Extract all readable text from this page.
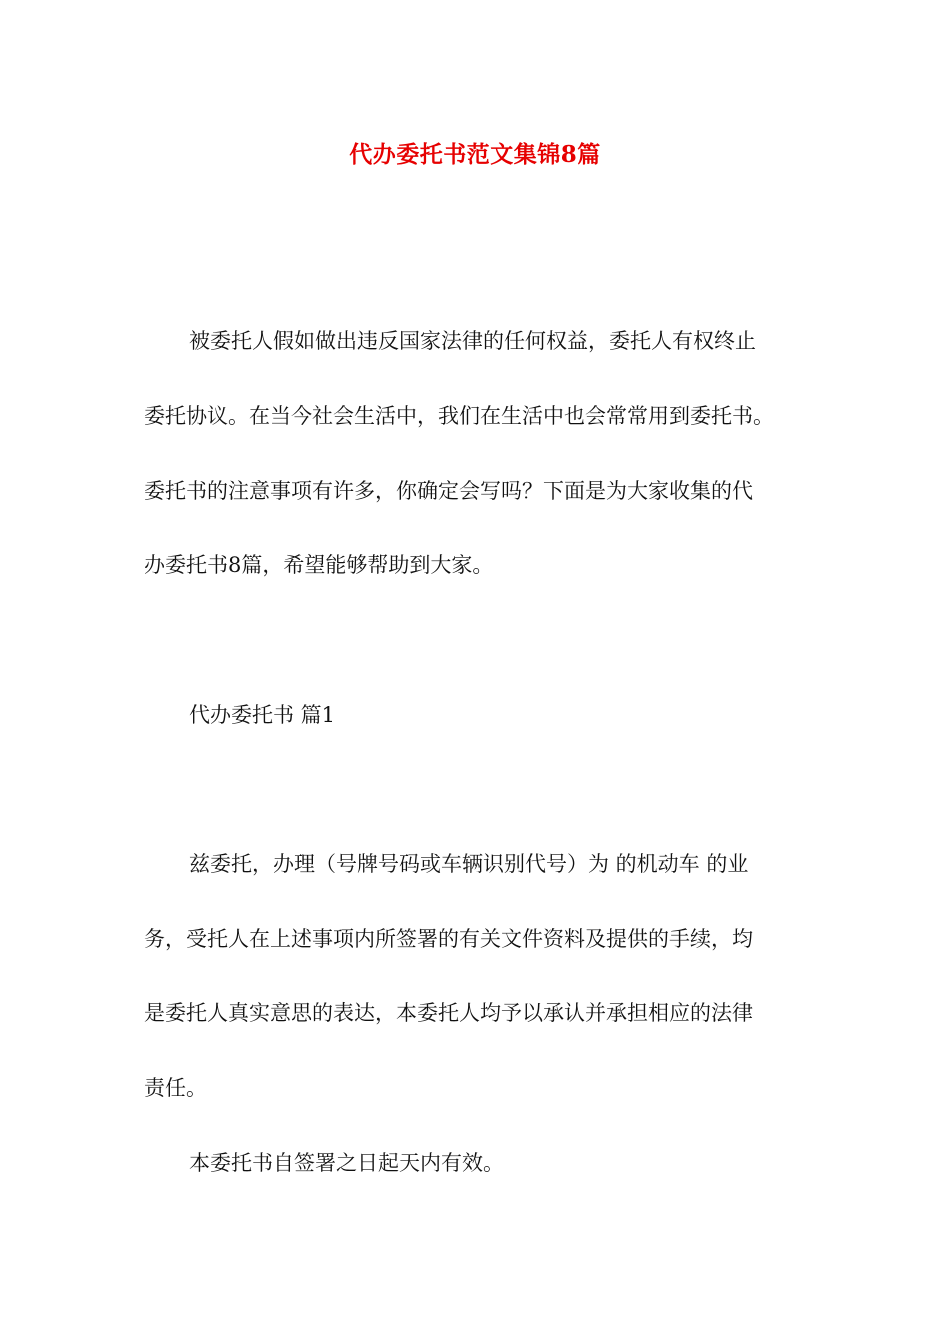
代办委托书范文集锦8篇
被委托人假如做出违反国家法律的任何权益，委托人有权终止
委托协议。在当今社会生活中，我们在生活中也会常常用到委托书。
委托书的注意事项有许多，你确定会写吗？下面是为大家收集的代
办委托书8篇，希望能够帮助到大家。
代办委托书 篇1
兹委托，办理（号牌号码或车辆识别代号）为 的机动车 的业
务，受托人在上述事项内所签署的有关文件资料及提供的手续，均
是委托人真实意思的表达，本委托人均予以承认并承担相应的法律
责任。
本委托书自签署之日起天内有效。
